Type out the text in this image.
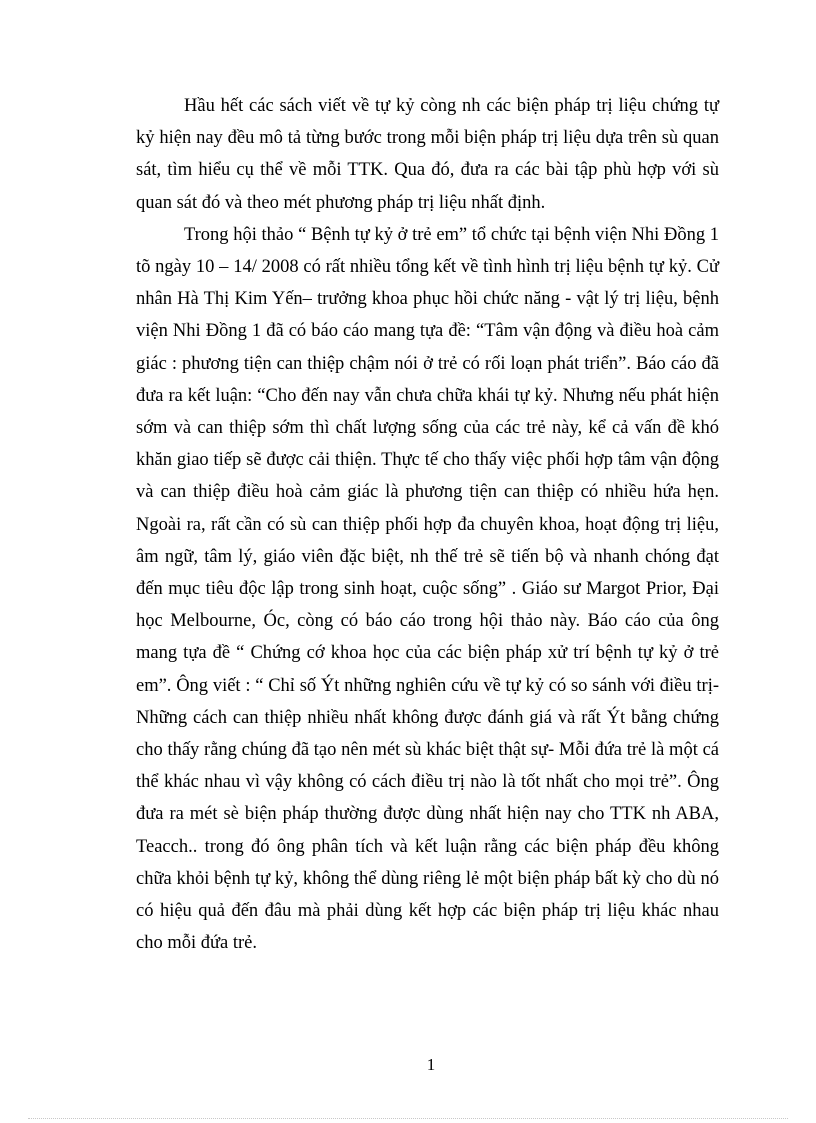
Hầu hết các sách viết về tự kỷ còng nh các biện pháp trị liệu chứng tự kỷ hiện nay đều mô tả từng bước trong mỗi biện pháp trị liệu dựa trên sù quan sát, tìm hiểu cụ thể về mỗi TTK. Qua đó, đưa ra các bài tập phù hợp với sù quan sát đó và theo mét phương pháp trị liệu nhất định.

Trong hội thảo “ Bệnh tự kỷ ở trẻ em” tổ chức tại bệnh viện Nhi Đồng 1 tõ ngày 10 – 14/ 2008 có rất nhiều tổng kết về tình hình trị liệu bệnh tự kỷ. Cử nhân Hà Thị Kim Yến– trưởng khoa phục hồi chức năng - vật lý trị liệu, bệnh viện Nhi Đồng 1 đã có báo cáo mang tựa đề: “Tâm vận động và điều hoà cảm giác : phương tiện can thiệp chậm nói ở trẻ có rối loạn phát triển”. Báo cáo đã đưa ra kết luận: “Cho đến nay vẫn chưa chữa khái tự kỷ. Nhưng nếu phát hiện sớm và can thiệp sớm thì chất lượng sống của các trẻ này, kể cả vấn đề khó khăn giao tiếp sẽ được cải thiện. Thực tế cho thấy việc phối hợp tâm vận động và can thiệp điều hoà cảm giác là phương tiện can thiệp có nhiều hứa hẹn. Ngoài ra, rất cần có sù can thiệp phối hợp đa chuyên khoa, hoạt động trị liệu, âm ngữ, tâm lý, giáo viên đặc biệt, nh thế trẻ sẽ tiến bộ và nhanh chóng đạt đến mục tiêu độc lập trong sinh hoạt, cuộc sống” . Giáo sư Margot Prior, Đại học Melbourne, Óc, còng có báo cáo trong hội thảo này. Báo cáo của ông mang tựa đề “ Chứng cớ khoa học của các biện pháp xử trí bệnh tự kỷ ở trẻ em”. Ông viết : “ Chỉ số Ýt những nghiên cứu về tự kỷ có so sánh với điều trị- Những cách can thiệp nhiều nhất không được đánh giá và rất Ýt bằng chứng cho thấy rằng chúng đã tạo nên mét sù khác biệt thật sự- Mỗi đứa trẻ là một cá thể khác nhau vì vậy không có cách điều trị nào là tốt nhất cho mọi trẻ”. Ông đưa ra mét sè biện pháp thường được dùng nhất hiện nay cho TTK nh ABA, Teacch.. trong đó ông phân tích và kết luận rằng các biện pháp đều không chữa khỏi bệnh tự kỷ, không thể dùng riêng lẻ một biện pháp bất kỳ cho dù nó có hiệu quả đến đâu mà phải dùng kết hợp các biện pháp trị liệu khác nhau cho mỗi đứa trẻ.

1
